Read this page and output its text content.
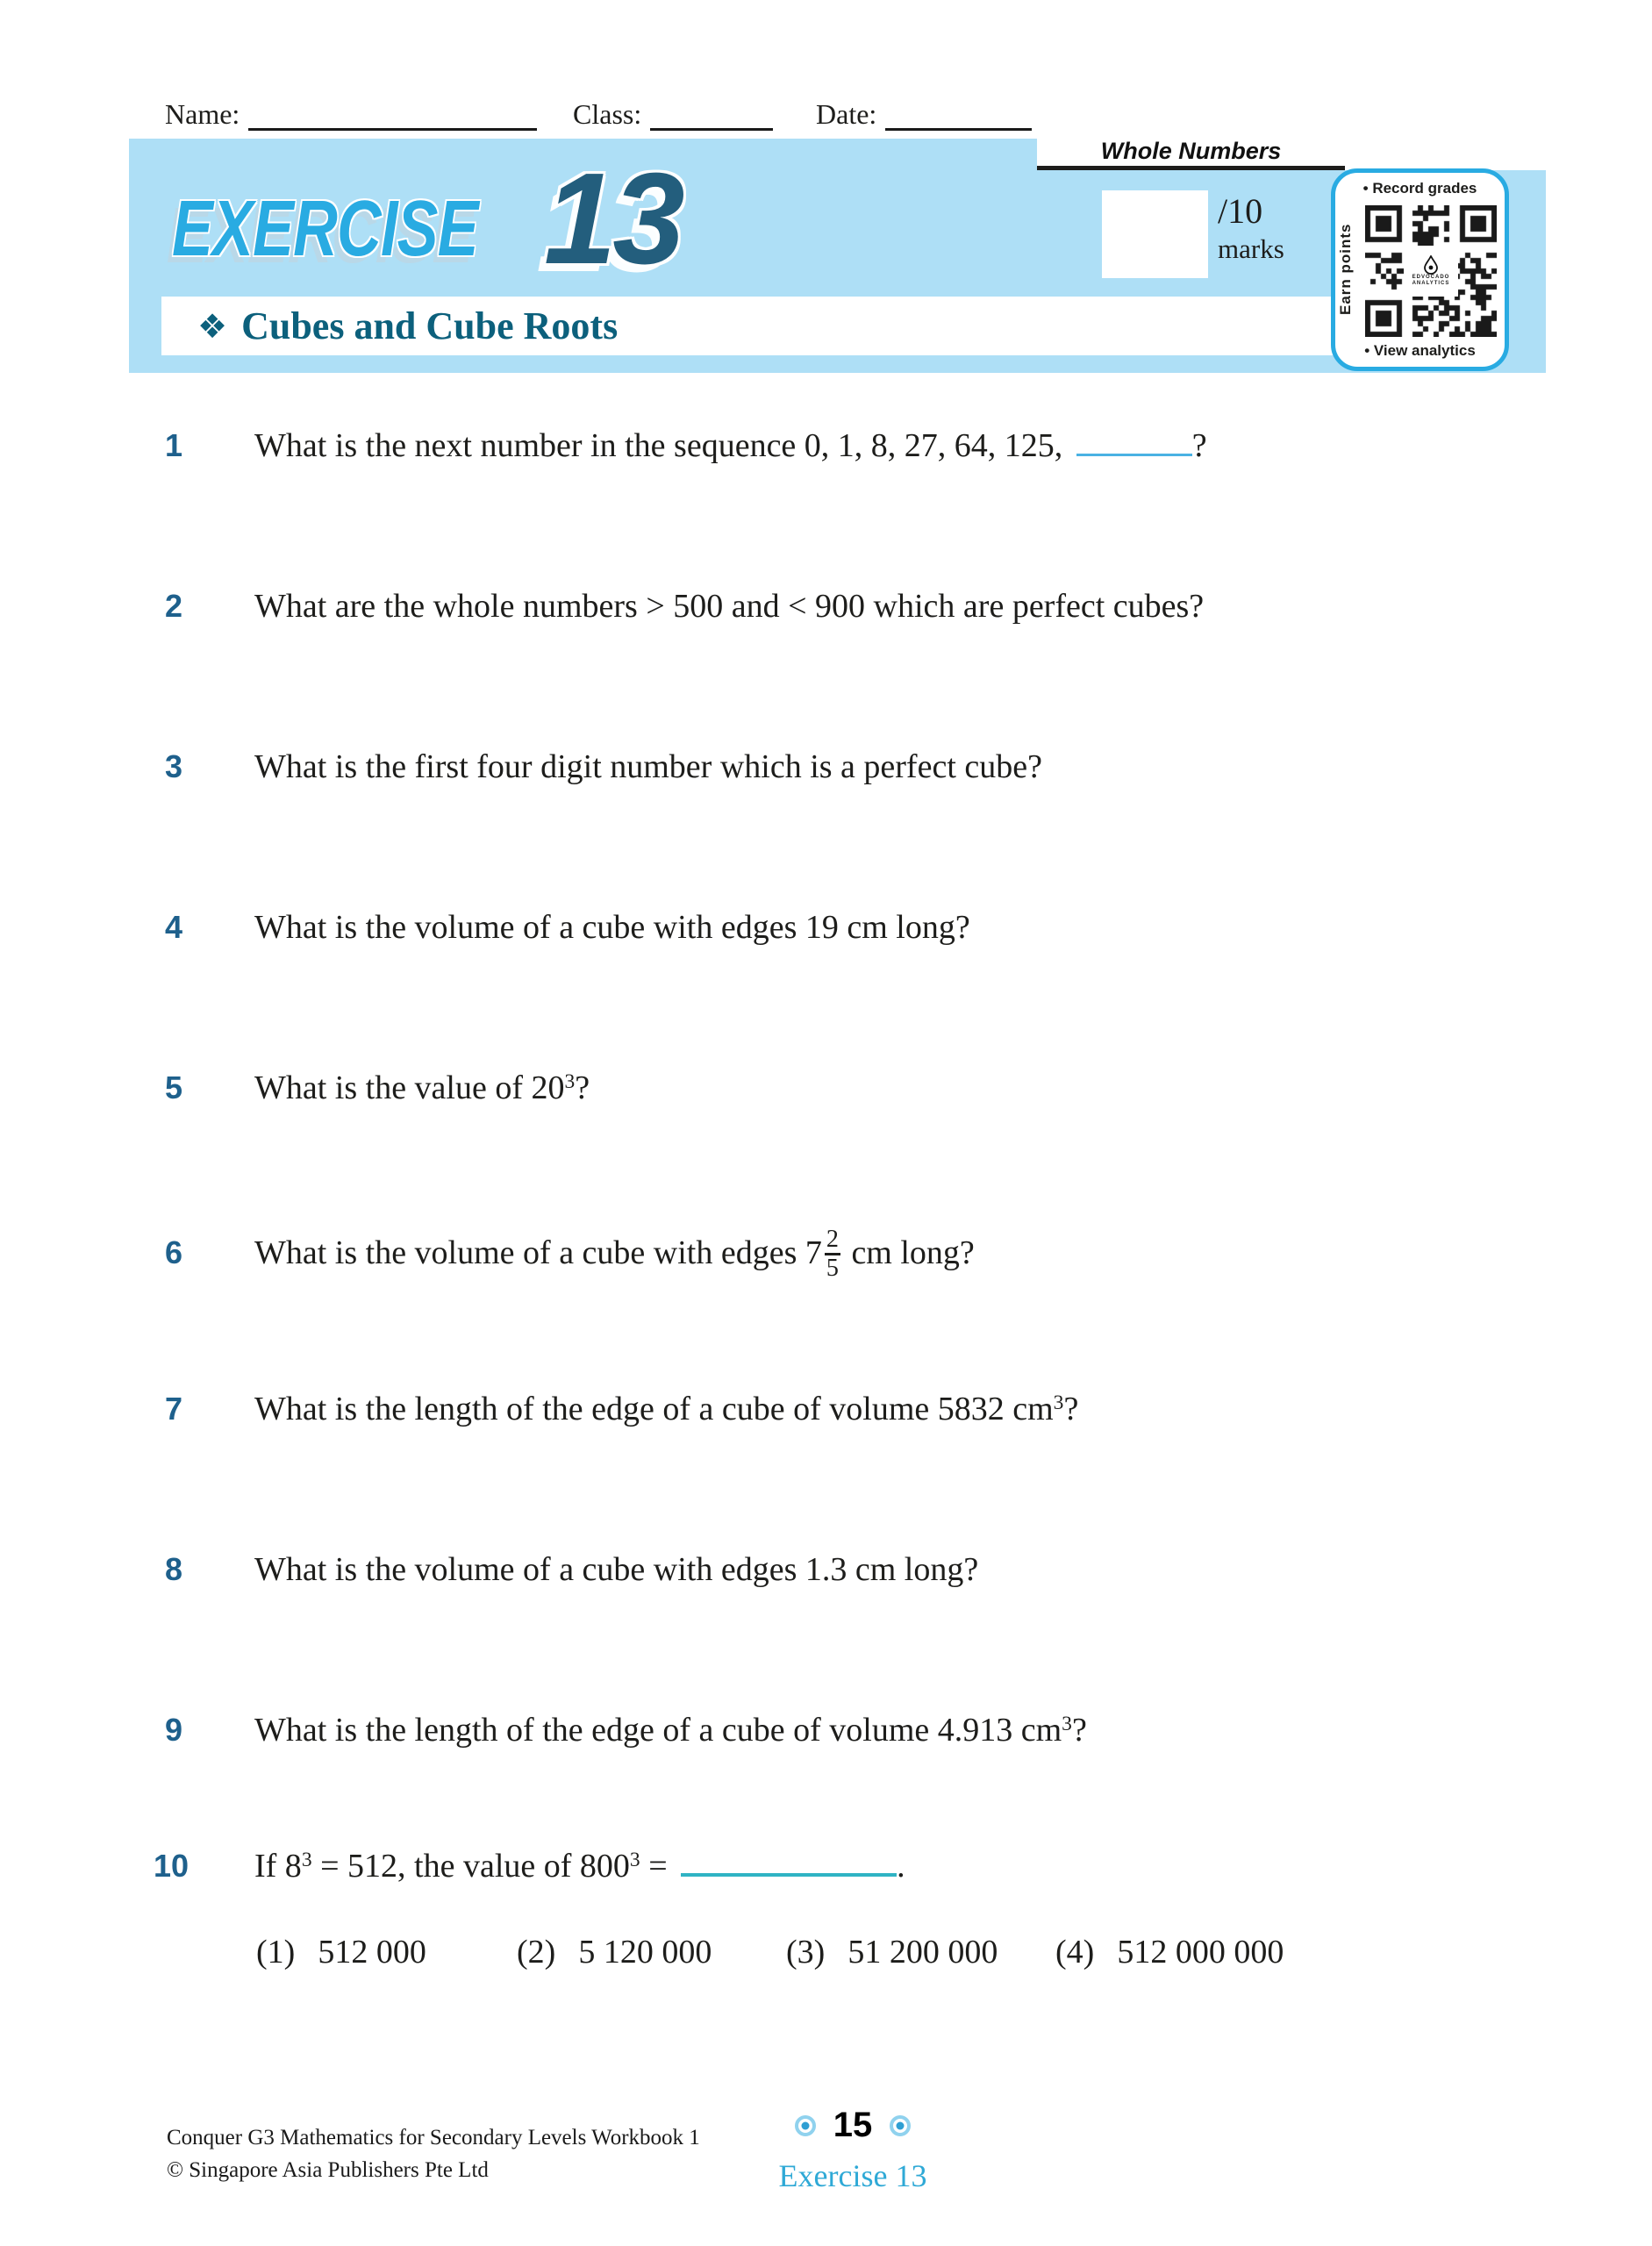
Name:	Class:	Date:
Whole Numbers
❖ Cubes and Cube Roots
EXERCISE 13	/10
marks
• Record grades
Earn points	EDVOCADO
ANALYTICS
• View analytics
1 What is the next number in the sequence 0, 1, 8, 27, 64, 125,	?
2 What are the whole numbers > 500 and < 900 which are perfect cubes?
3 What is the first four digit number which is a perfect cube?
4 What is the volume of a cube with edges 19 cm long?
5 What is the value of $20^3$?
6 What is the volume of a cube with edges $7 \frac{2}{5}$ cm long?
7 What is the length of the edge of a cube of volume 5832 $cm^3$?
8 What is the volume of a cube with edges 1.3 cm long?
9 What is the length of the edge of a cube of volume 4.913 $cm^3$?
10 If $8^3 = 512$, the value of $800^3$ =	.
(1) 512 000	(2) 5 120 000 (3) 51 200 000 (4) 512 000 000
Conquer G3 Mathematics for Secondary Levels Workbook 1
© Singapore Asia Publishers Pte Ltd
15
Exercise 13
